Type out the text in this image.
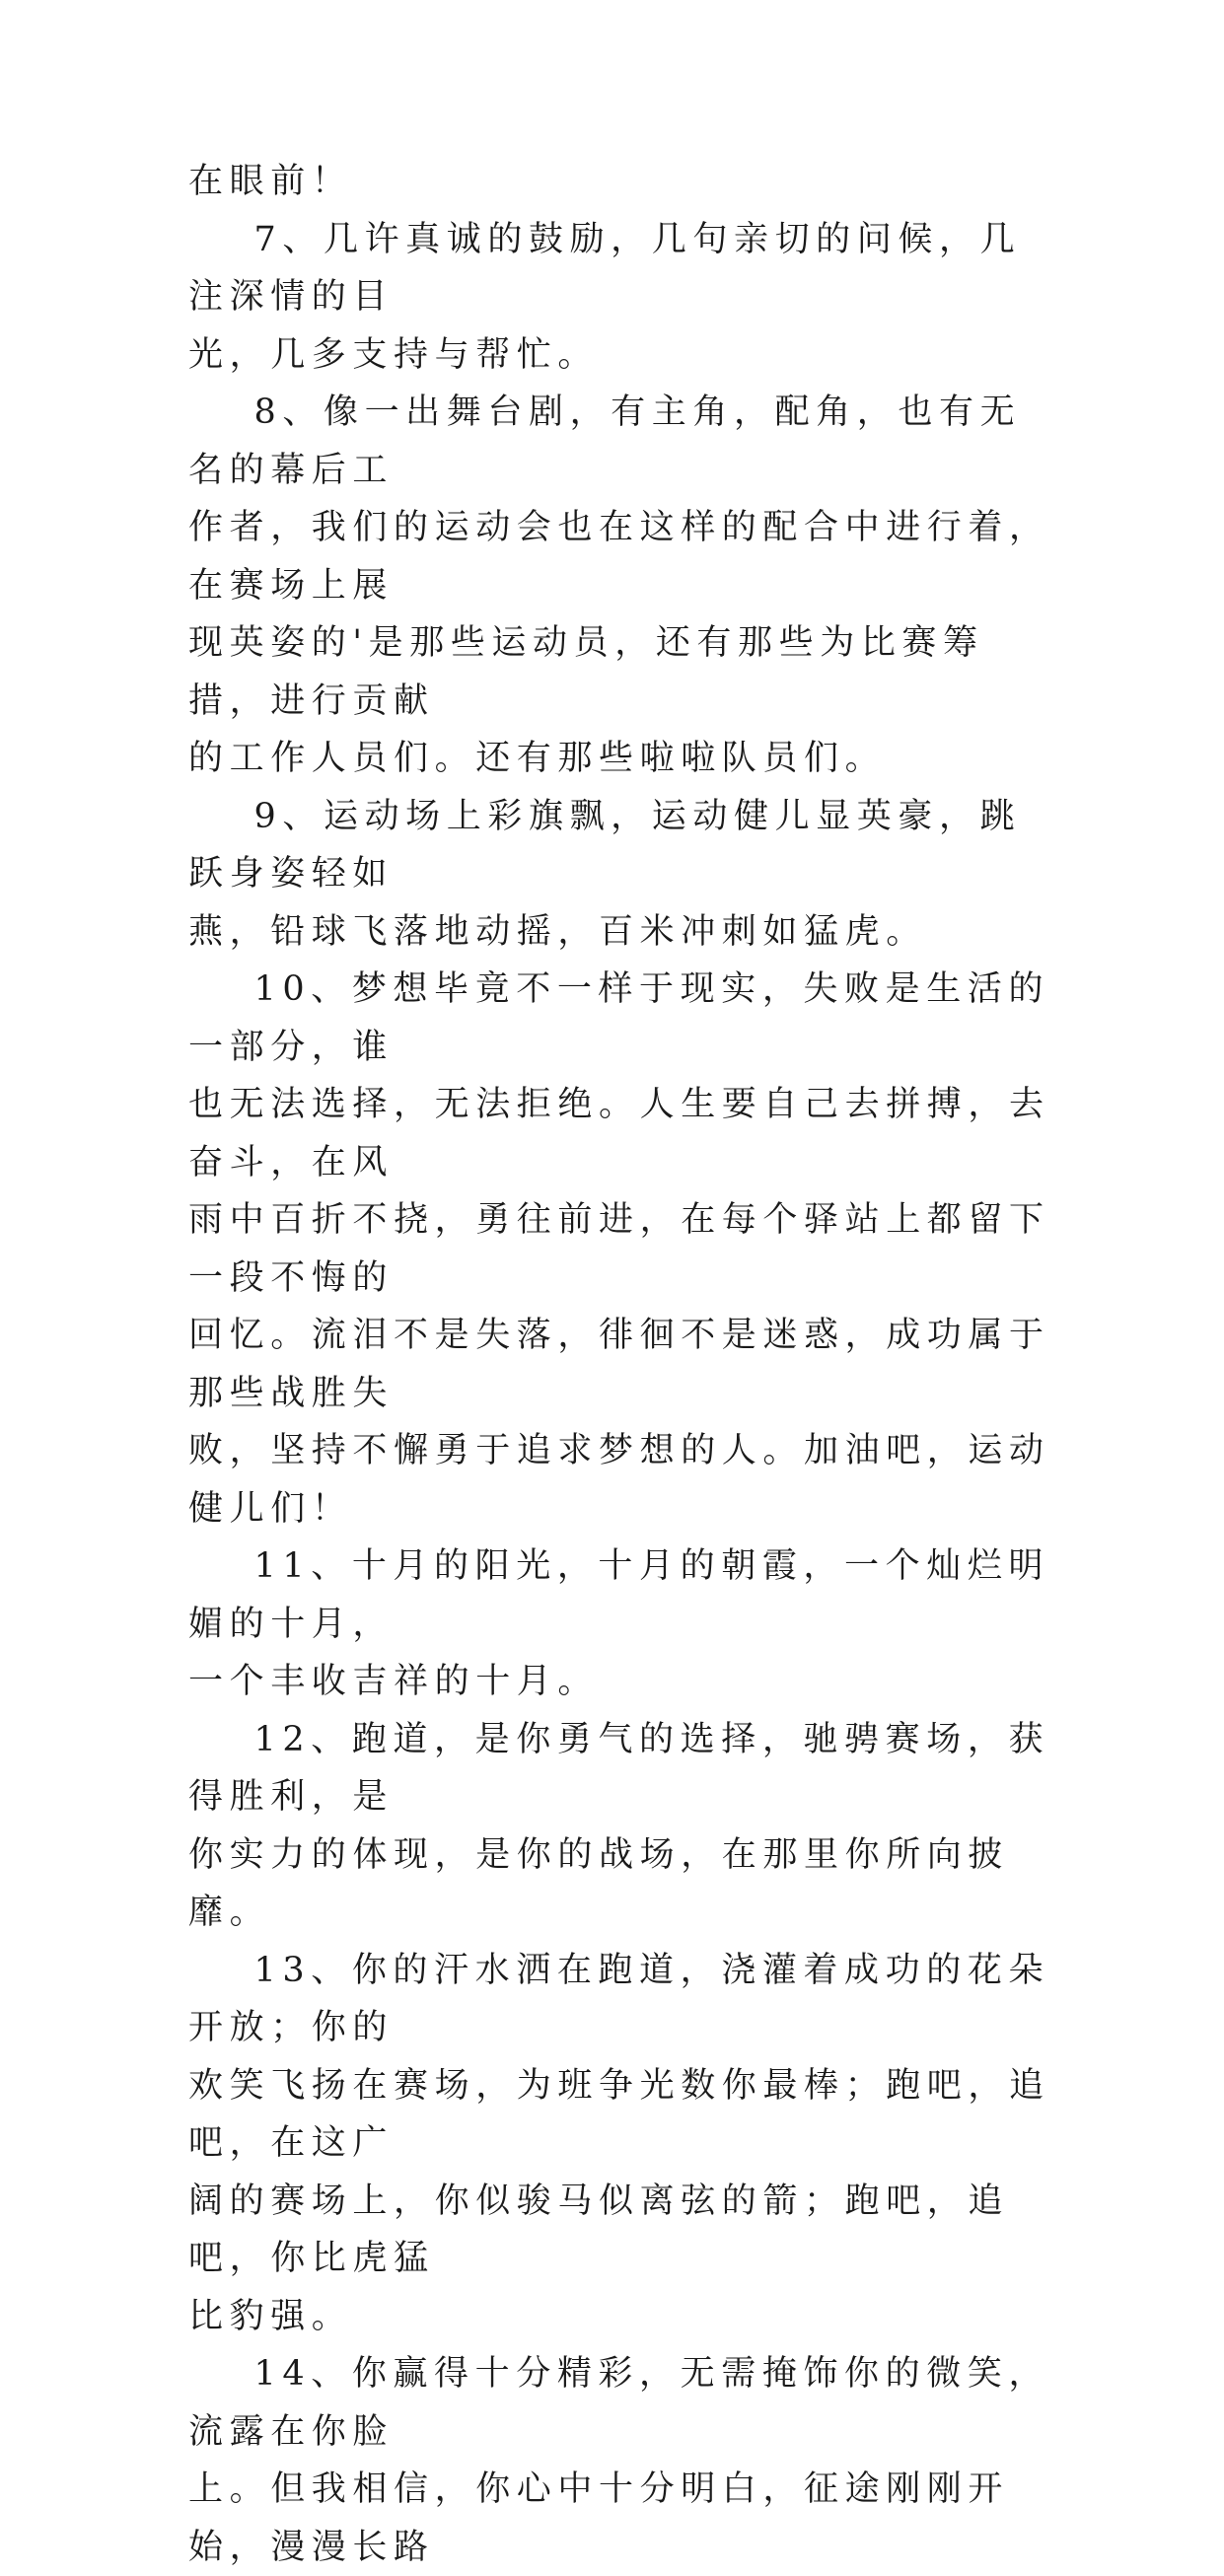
在眼前！

7、几许真诚的鼓励，几句亲切的问候，几注深情的目
光，几多支持与帮忙。

8、像一出舞台剧，有主角，配角，也有无名的幕后工
作者，我们的运动会也在这样的配合中进行着，在赛场上展
现英姿的'是那些运动员，还有那些为比赛筹措，进行贡献
的工作人员们。还有那些啦啦队员们。

9、运动场上彩旗飘，运动健儿显英豪，跳跃身姿轻如
燕，铅球飞落地动摇，百米冲刺如猛虎。

10、梦想毕竟不一样于现实，失败是生活的一部分，谁
也无法选择，无法拒绝。人生要自己去拼搏，去奋斗，在风
雨中百折不挠，勇往前进，在每个驿站上都留下一段不悔的
回忆。流泪不是失落，徘徊不是迷惑，成功属于那些战胜失
败，坚持不懈勇于追求梦想的人。加油吧，运动健儿们！

11、十月的阳光，十月的朝霞，一个灿烂明媚的十月，
一个丰收吉祥的十月。

12、跑道，是你勇气的选择，驰骋赛场，获得胜利，是
你实力的体现，是你的战场，在那里你所向披靡。

13、你的汗水洒在跑道，浇灌着成功的花朵开放；你的
欢笑飞扬在赛场，为班争光数你最棒；跑吧，追吧，在这广
阔的赛场上，你似骏马似离弦的箭；跑吧，追吧，你比虎猛
比豹强。

14、你赢得十分精彩，无需掩饰你的微笑，流露在你脸
上。但我相信，你心中十分明白，征途刚刚开始，漫漫长路
